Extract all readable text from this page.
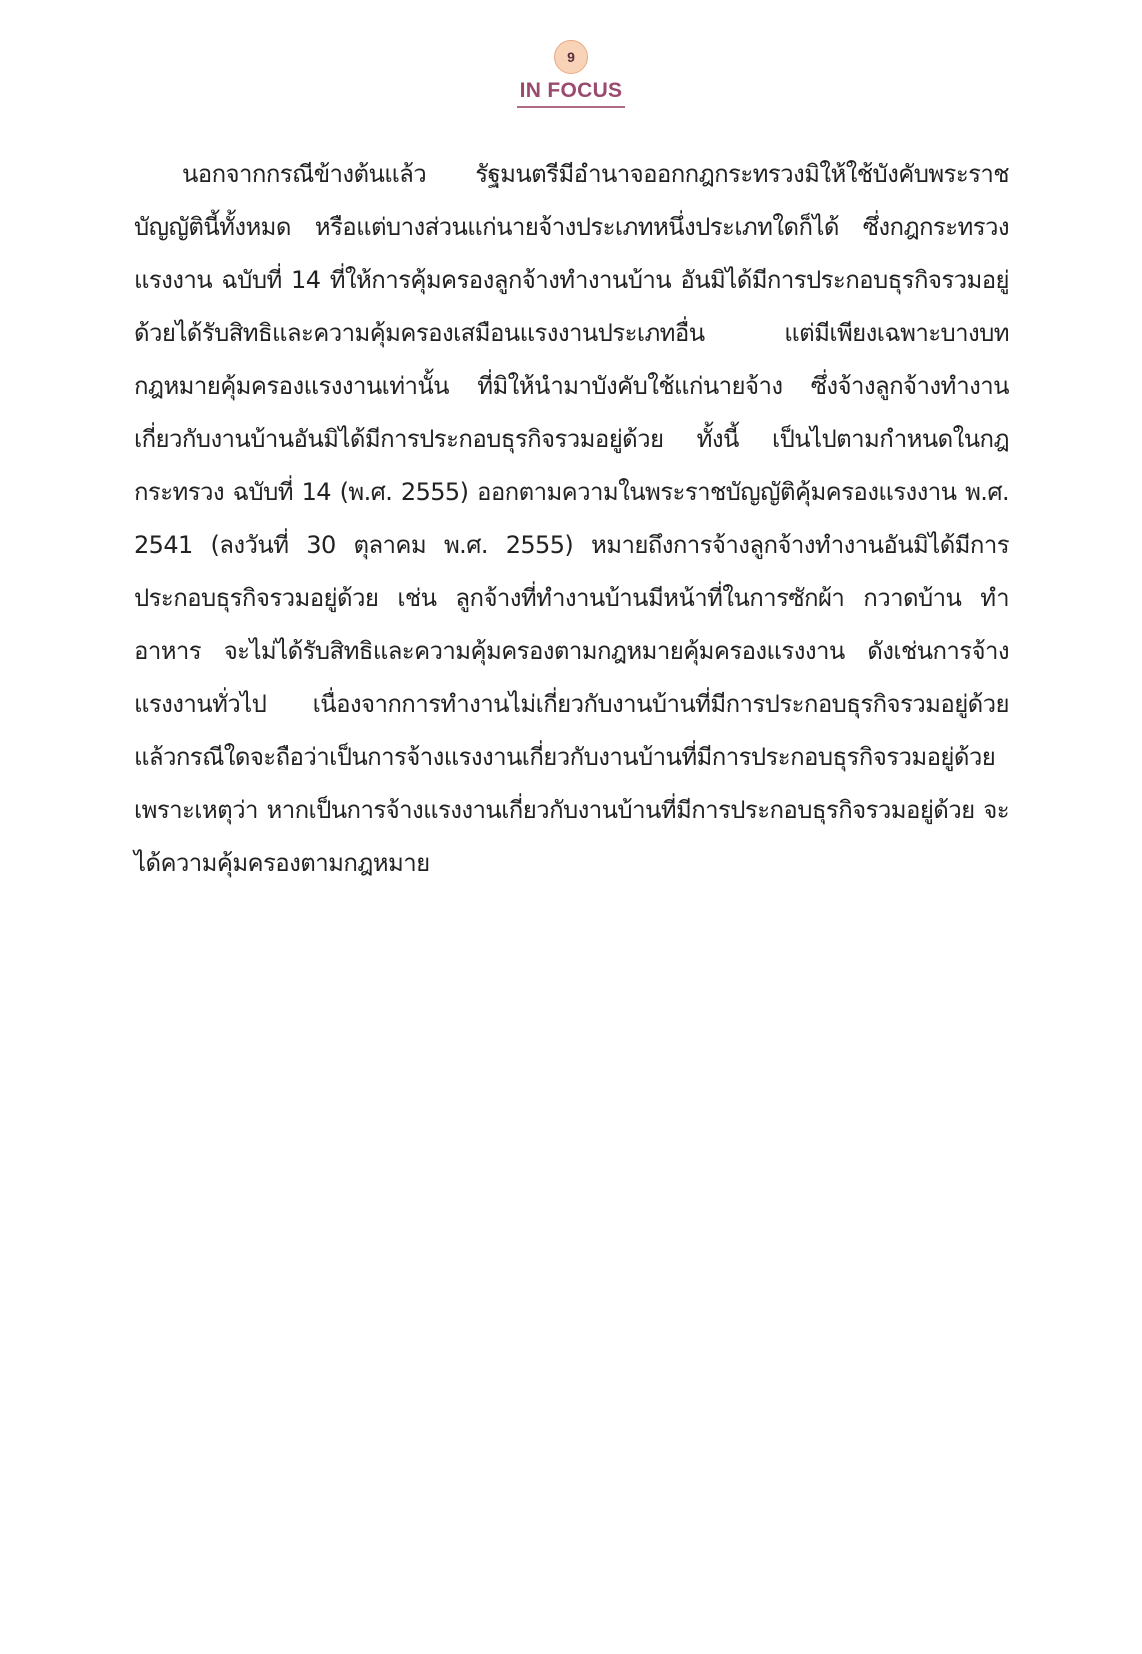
9
IN FOCUS

นอกจากกรณีข้างต้นแล้ว รัฐมนตรีมีอำนาจออกกฎกระทรวงมิให้ใช้บังคับพระราชบัญญัตินี้ทั้งหมด หรือแต่บางส่วนแก่นายจ้างประเภทหนึ่งประเภทใดก็ได้ ซึ่งกฎกระทรวงแรงงาน ฉบับที่ 14 ที่ให้การคุ้มครองลูกจ้างทำงานบ้าน อันมิได้มีการประกอบธุรกิจรวมอยู่ด้วยได้รับสิทธิและความคุ้มครองเสมือนแรงงานประเภทอื่น แต่มีเพียงเฉพาะบางบทกฎหมายคุ้มครองแรงงานเท่านั้น ที่มิให้นำมาบังคับใช้แก่นายจ้าง ซึ่งจ้างลูกจ้างทำงานเกี่ยวกับงานบ้านอันมิได้มีการประกอบธุรกิจรวมอยู่ด้วย ทั้งนี้ เป็นไปตามกำหนดในกฎกระทรวง ฉบับที่ 14 (พ.ศ. 2555) ออกตามความในพระราชบัญญัติคุ้มครองแรงงาน พ.ศ. 2541 (ลงวันที่ 30 ตุลาคม พ.ศ. 2555) หมายถึงการจ้างลูกจ้างทำงานอันมิได้มีการประกอบธุรกิจรวมอยู่ด้วย เช่น ลูกจ้างที่ทำงานบ้านมีหน้าที่ในการซักผ้า กวาดบ้าน ทำอาหาร จะไม่ได้รับสิทธิและความคุ้มครองตามกฎหมายคุ้มครองแรงงาน ดังเช่นการจ้างแรงงานทั่วไป เนื่องจากการทำงานไม่เกี่ยวกับงานบ้านที่มีการประกอบธุรกิจรวมอยู่ด้วย แล้วกรณีใดจะถือว่าเป็นการจ้างแรงงานเกี่ยวกับงานบ้านที่มีการประกอบธุรกิจรวมอยู่ด้วย เพราะเหตุว่า หากเป็นการจ้างแรงงานเกี่ยวกับงานบ้านที่มีการประกอบธุรกิจรวมอยู่ด้วย จะได้ความคุ้มครองตามกฎหมาย
